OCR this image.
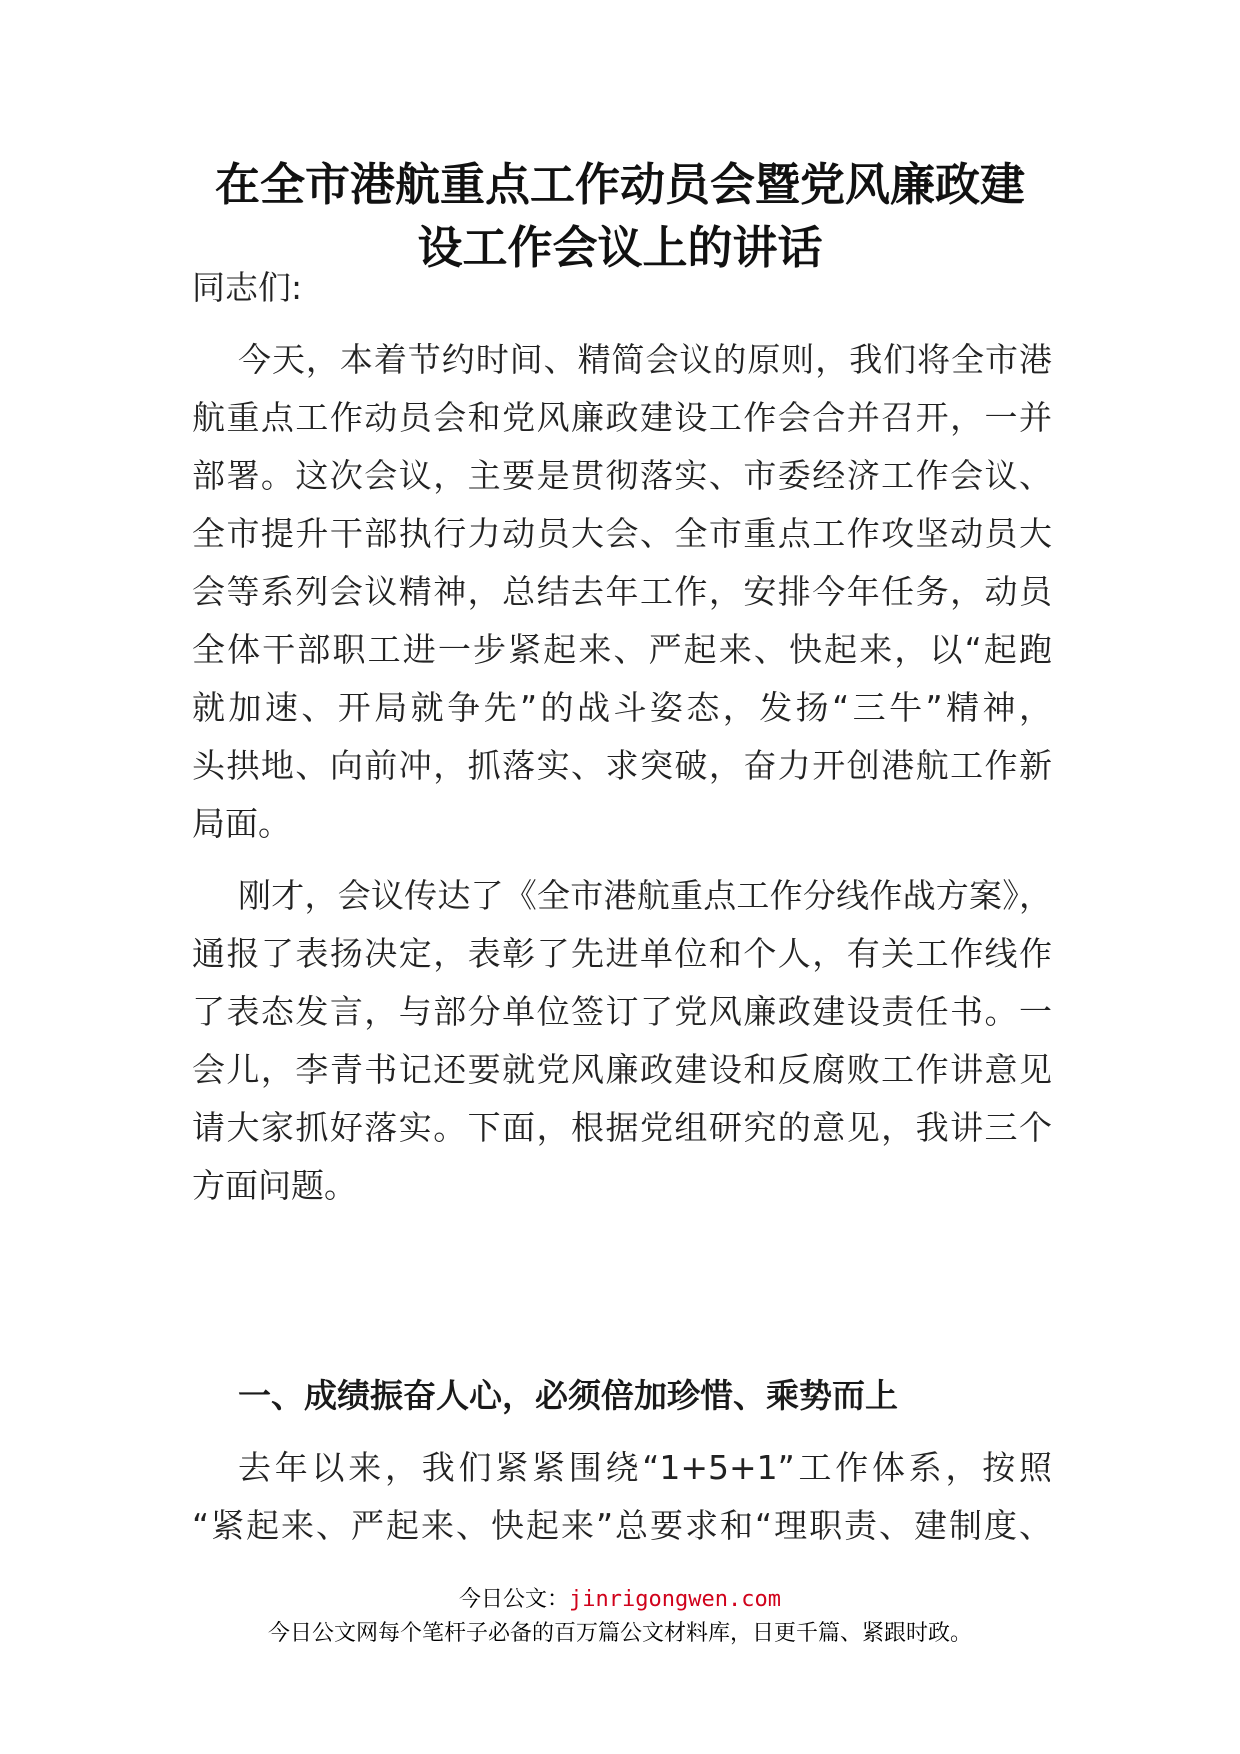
在全市港航重点工作动员会暨党风廉政建
设工作会议上的讲话
同志们:
今天，本着节约时间、精简会议的原则，我们将全市港
航重点工作动员会和党风廉政建设工作会合并召开，一并
部署。这次会议，主要是贯彻落实、市委经济工作会议、
全市提升干部执行力动员大会、全市重点工作攻坚动员大
会等系列会议精神，总结去年工作，安排今年任务，动员
全体干部职工进一步紧起来、严起来、快起来，以“起跑
就加速、开局就争先”的战斗姿态，发扬“三牛”精神，
头拱地、向前冲，抓落实、求突破，奋力开创港航工作新
局面。
刚才，会议传达了《全市港航重点工作分线作战方案》，
通报了表扬决定，表彰了先进单位和个人，有关工作线作
了表态发言，与部分单位签订了党风廉政建设责任书。一
会儿，李青书记还要就党风廉政建设和反腐败工作讲意见
请大家抓好落实。下面，根据党组研究的意见，我讲三个
方面问题。
一、成绩振奋人心，必须倍加珍惜、乘势而上
去年以来，我们紧紧围绕“1+5+1”工作体系，按照
“紧起来、严起来、快起来”总要求和“理职责、建制度、
今日公文：jinrigongwen.com
今日公文网每个笔杆子必备的百万篇公文材料库，日更千篇、紧跟时政。
